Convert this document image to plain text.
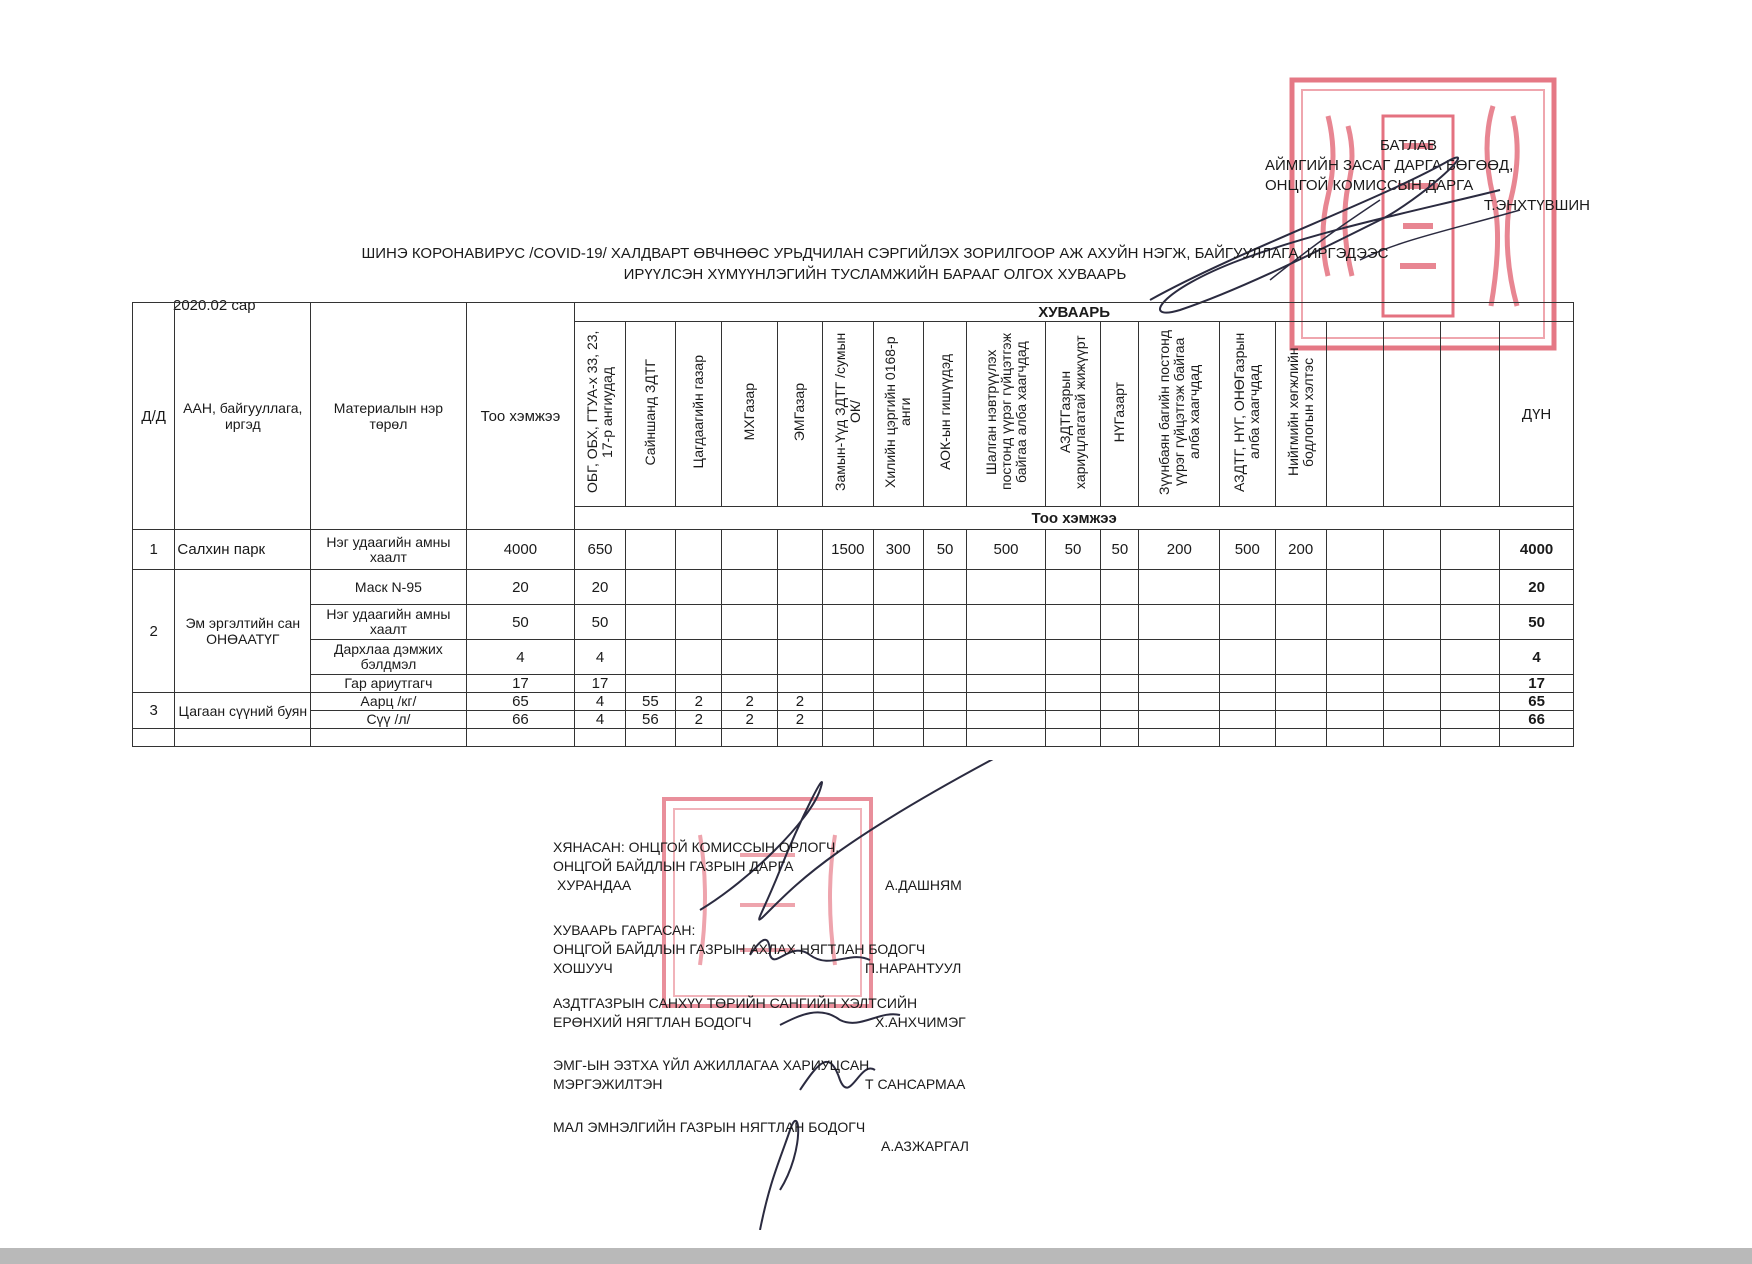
БАТЛАВ
АЙМГИЙН ЗАСАГ ДАРГА БӨГӨӨД,
ОНЦГОЙ КОМИССЫН ДАРГА
Т.ЭНХТҮВШИН
ШИНЭ КОРОНАВИРУС /COVID-19/ ХАЛДВАРТ ӨВЧНӨӨС УРЬДЧИЛАН СЭРГИЙЛЭХ ЗОРИЛГООР АЖ АХУЙН НЭГЖ, БАЙГУУЛЛАГА, ИРГЭДЭЭС
ИРҮҮЛСЭН ХҮМҮҮНЛЭГИЙН ТУСЛАМЖИЙН БАРААГ ОЛГОХ ХУВААРЬ
2020.02 сар
Д/Д	ААН, байгууллага, иргэд	Материалын нэр төрөл	Тоо хэмжээ	ХУВААРЬ																	
				ОБГ, ОБХ, ГТУА-х 33, 23, 17-р ангиудад	Сайншанд ЗДТГ	Цагдаагийн газар	МХГазар	ЭМГазар	Замын-Үүд ЗДТГ /сумын ОК/	Хилийн цэргийн 0168-р анги	АОК-ын гишүүдэд	Шалган нэвтрүүлэх постонд үүрэг гүйцэтгэж байгаа алба хаагчдад	АЗДТГазрын хариуцлагатай жижүүрт	НҮГазарт	Зүүнбаян багийн постонд үүрэг гүйцэтгэж байгаа алба хаагчдад	АЗДТГ, НҮГ, ОНӨГазрын алба хаагчдад	Нийгмийн хөгжлийн бодлогын хэлтэс				ДҮН
				Тоо хэмжээ																	
1	Салхин парк	Нэг удаагийн амны хаалт	4000	650					1500	300	50	500	50	50	200	500	200				4000
2	Эм эргэлтийн сан ОНӨААТҮГ	Маск N-95	20	20																	20
		Нэг удаагийн амны хаалт	50	50																	50
		Дархлаа дэмжих бэлдмэл	4	4																	4
		Гар ариутгагч	17	17																	17
3	Цагаан сүүний буян	Аарц /кг/	65	4	55	2	2	2													65
		Сүү /л/	66	4	56	2	2	2													66

ХЯНАСАН: ОНЦГОЙ КОМИССЫН ОРЛОГЧ,
ОНЦГОЙ БАЙДЛЫН ГАЗРЫН ДАРГА
ХУРАНДАА	А.ДАШНЯМ
ХУВААРЬ ГАРГАСАН:
ОНЦГОЙ БАЙДЛЫН ГАЗРЫН АХЛАХ НЯГТЛАН БОДОГЧ
ХОШУУЧ	П.НАРАНТУУЛ
АЗДТГАЗРЫН САНХҮҮ ТӨРИЙН САНГИЙН ХЭЛТСИЙН
ЕРӨНХИЙ НЯГТЛАН БОДОГЧ	Х.АНХЧИМЭГ
ЭМГ-ЫН ЭЗТХА ҮЙЛ АЖИЛЛАГАА ХАРИУЦСАН
МЭРГЭЖИЛТЭН	Т САНСАРМАА
МАЛ ЭМНЭЛГИЙН ГАЗРЫН НЯГТЛАН БОДОГЧ
А.АЗЖАРГАЛ
